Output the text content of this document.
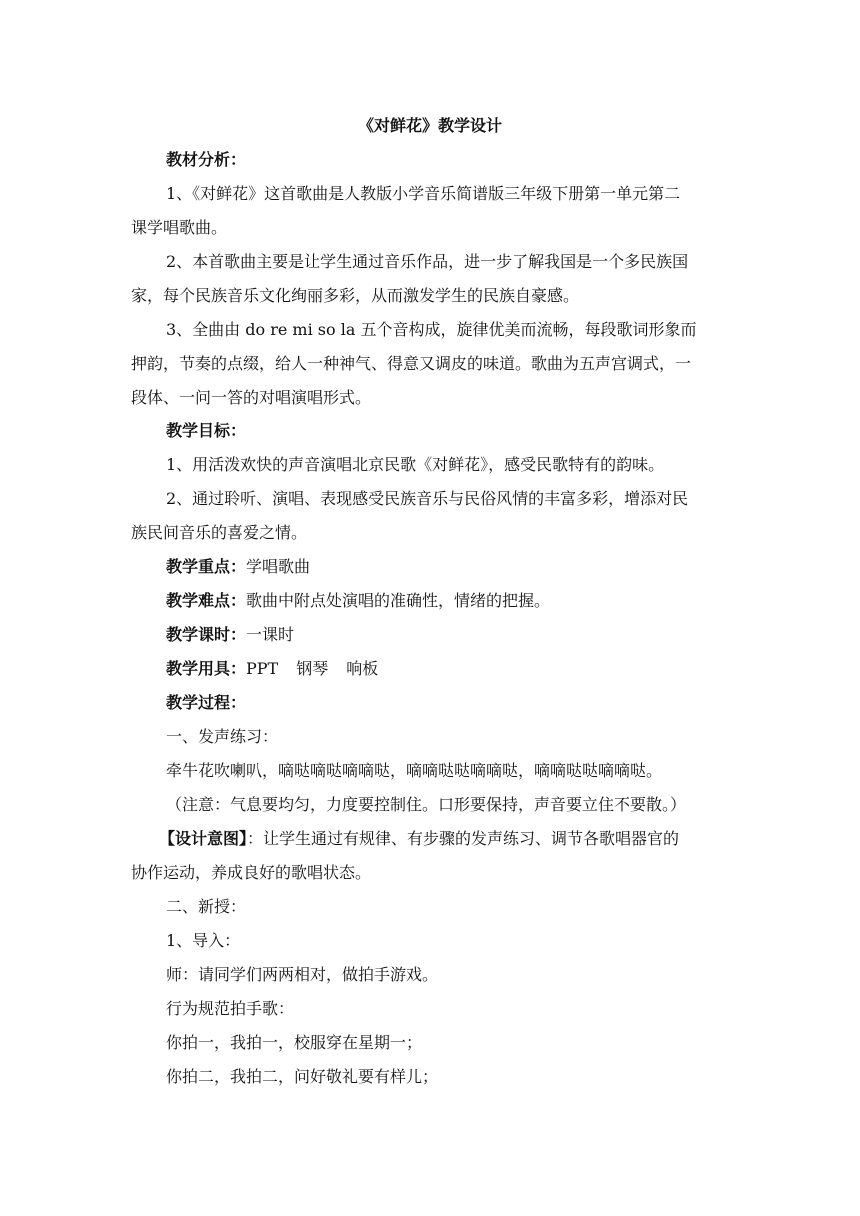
《对鲜花》教学设计
教材分析：
1、《对鲜花》这首歌曲是人教版小学音乐简谱版三年级下册第一单元第二
课学唱歌曲。
2、本首歌曲主要是让学生通过音乐作品，进一步了解我国是一个多民族国
家，每个民族音乐文化绚丽多彩，从而激发学生的民族自豪感。
3、全曲由 do re mi so la 五个音构成，旋律优美而流畅，每段歌词形象而
押韵，节奏的点缀，给人一种神气、得意又调皮的味道。歌曲为五声宫调式，一
段体、一问一答的对唱演唱形式。
教学目标：
1、用活泼欢快的声音演唱北京民歌《对鲜花》，感受民歌特有的韵味。
2、通过聆听、演唱、表现感受民族音乐与民俗风情的丰富多彩，增添对民
族民间音乐的喜爱之情。
教学重点：学唱歌曲
教学难点：歌曲中附点处演唱的准确性，情绪的把握。
教学课时：一课时
教学用具：PPT 钢琴 响板
教学过程：
一、发声练习：
牵牛花吹喇叭，嘀哒嘀哒嘀嘀哒，嘀嘀哒哒嘀嘀哒，嘀嘀哒哒嘀嘀哒。
（注意：气息要均匀，力度要控制住。口形要保持，声音要立住不要散。）
【设计意图】：让学生通过有规律、有步骤的发声练习、调节各歌唱器官的
协作运动，养成良好的歌唱状态。
二、新授：
1、导入：
师：请同学们两两相对，做拍手游戏。
行为规范拍手歌：
你拍一，我拍一，校服穿在星期一；
你拍二，我拍二，问好敬礼要有样儿；
